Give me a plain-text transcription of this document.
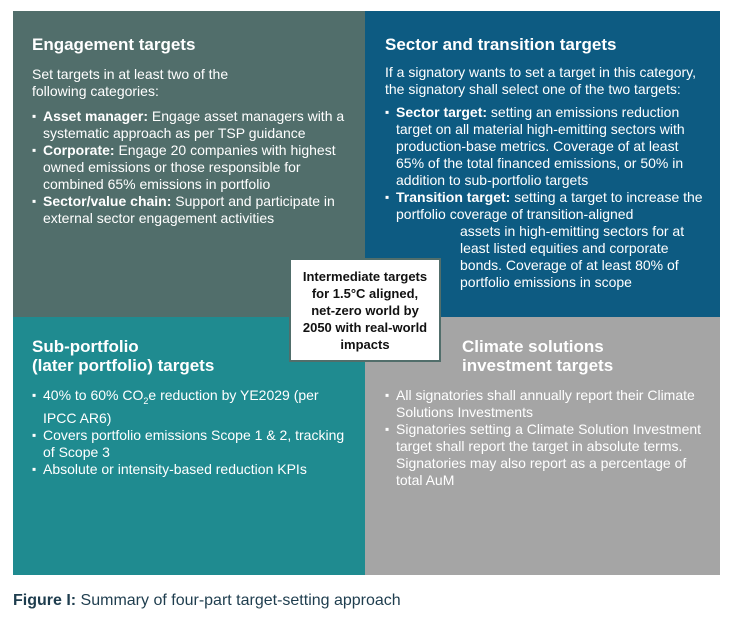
Engagement targets
Set targets in at least two of the
following categories:
▪ Asset manager: Engage asset managers with a systematic approach as per TSP guidance
▪ Corporate: Engage 20 companies with highest owned emissions or those responsible for combined 65% emissions in portfolio
▪ Sector/value chain: Support and participate in external sector engagement activities
Sector and transition targets
If a signatory wants to set a target in this category, the signatory shall select one of the two targets:
▪ Sector target: setting an emissions reduction target on all material high-emitting sectors with production-base metrics. Coverage of at least 65% of the total financed emissions, or 50% in addition to sub-portfolio targets
▪ Transition target: setting a target to increase the portfolio coverage of transition-aligned
assets in high-emitting sectors for at least listed equities and corporate bonds. Coverage of at least 80% of portfolio emissions in scope
Sub-portfolio
(later portfolio) targets
▪ 40% to 60% $CO_2e$ reduction by YE2029 (per IPCC AR6)
▪ Covers portfolio emissions Scope 1 & 2, tracking of Scope 3
▪ Absolute or intensity-based reduction KPIs
Climate solutions
investment targets
▪ All signatories shall annually report their Climate Solutions Investments
▪ Signatories setting a Climate Solution Investment target shall report the target in absolute terms. Signatories may also report as a percentage of total AuM
Intermediate targets for 1.5°C aligned, net-zero world by 2050 with real-world impacts
Figure I: Summary of four-part target-setting approach
